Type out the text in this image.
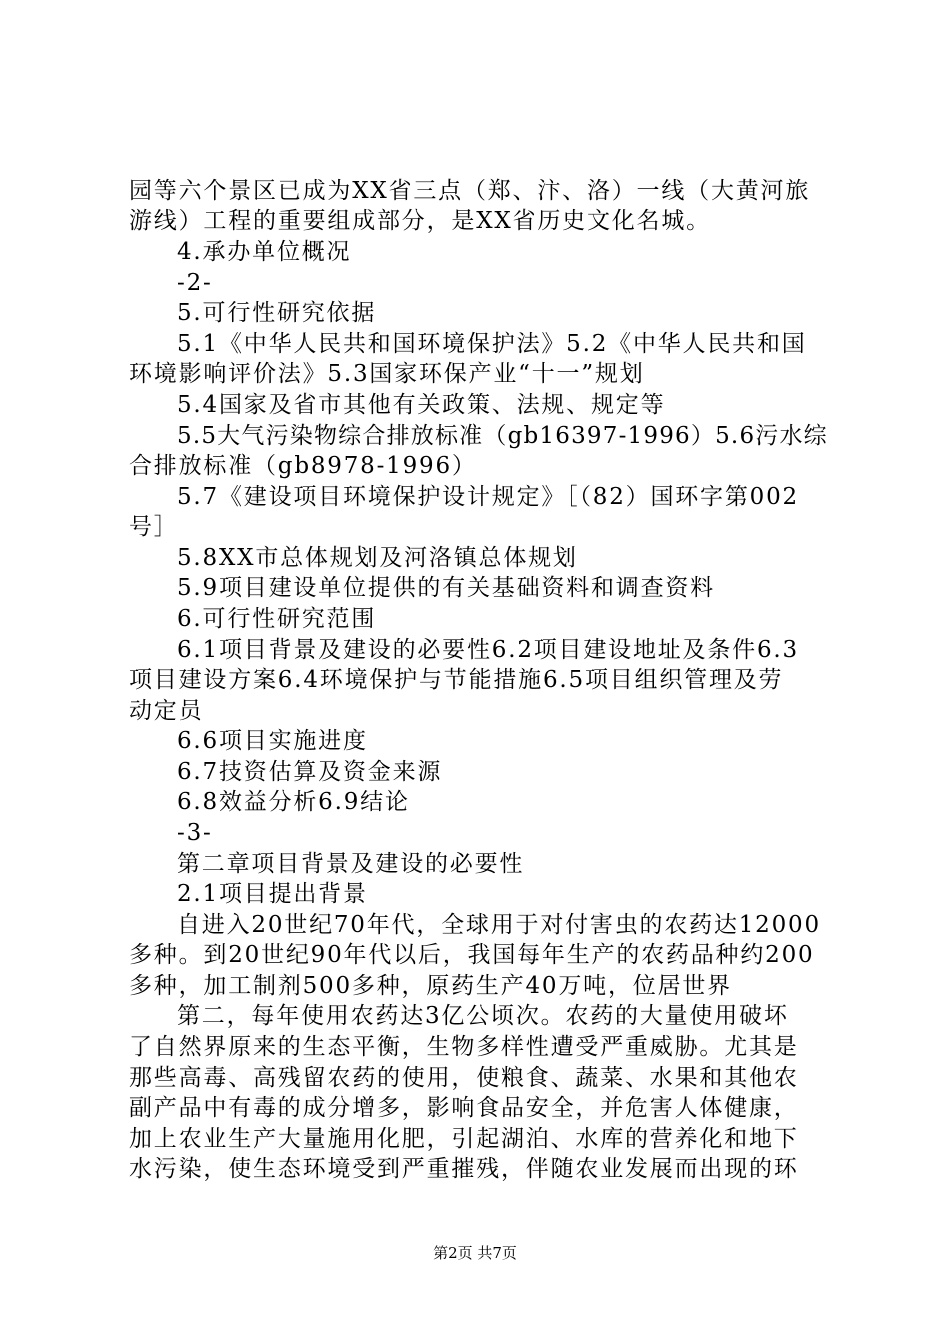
园等六个景区已成为XX省三点（郑、汴、洛）一线（大黄河旅
游线）工程的重要组成部分，是XX省历史文化名城。
4.承办单位概况
-2-
5.可行性研究依据
5.1《中华人民共和国环境保护法》5.2《中华人民共和国
环境影响评价法》5.3国家环保产业“十一”规划
5.4国家及省市其他有关政策、法规、规定等
5.5大气污染物综合排放标准（gb16397-1996）5.6污水综
合排放标准（gb8978-1996）
5.7《建设项目环境保护设计规定》［（82）国环字第002
号］
5.8XX市总体规划及河洛镇总体规划
5.9项目建设单位提供的有关基础资料和调查资料
6.可行性研究范围
6.1项目背景及建设的必要性6.2项目建设地址及条件6.3
项目建设方案6.4环境保护与节能措施6.5项目组织管理及劳
动定员
6.6项目实施进度
6.7技资估算及资金来源
6.8效益分析6.9结论
-3-
第二章项目背景及建设的必要性
2.1项目提出背景
自进入20世纪70年代，全球用于对付害虫的农药达12000
多种。到20世纪90年代以后，我国每年生产的农药品种约200
多种，加工制剂500多种，原药生产40万吨，位居世界
第二，每年使用农药达3亿公顷次。农药的大量使用破坏
了自然界原来的生态平衡，生物多样性遭受严重威胁。尤其是
那些高毒、高残留农药的使用，使粮食、蔬菜、水果和其他农
副产品中有毒的成分增多，影响食品安全，并危害人体健康，
加上农业生产大量施用化肥，引起湖泊、水库的营养化和地下
水污染，使生态环境受到严重摧残，伴随农业发展而出现的环
第2页 共7页
